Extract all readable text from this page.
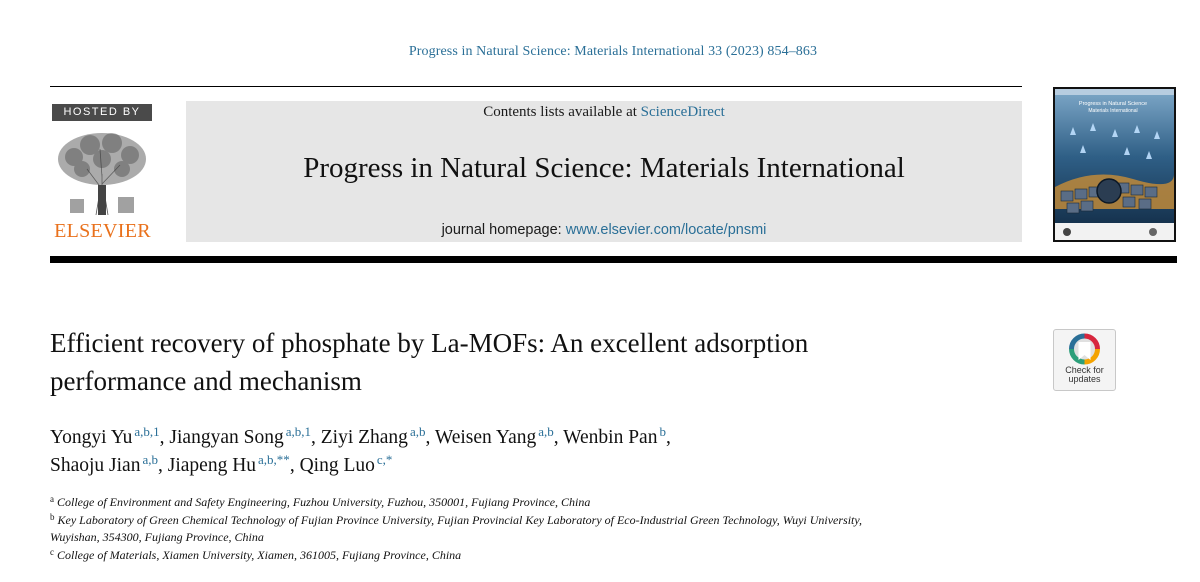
Progress in Natural Science: Materials International 33 (2023) 854–863
HOSTED BY
ELSEVIER
Contents lists available at ScienceDirect
Progress in Natural Science: Materials International
journal homepage: www.elsevier.com/locate/pnsmi
Progress in Natural Science
Materials International
Efficient recovery of phosphate by La-MOFs: An excellent adsorption
performance and mechanism	Check for
updates
Yongyi Yu $^{a,b,1}$, Jiangyan Song $^{a,b,1}$, Ziyi Zhang $^{a,b}$, Weisen Yang $^{a,b}$, Wenbin Pan $^b$,
Shaoju Jian $^{a,b}$, Jiapeng Hu $^{a,b,**}$, Qing Luo $^{c,*}$
$^a$ College of Environment and Safety Engineering, Fuzhou University, Fuzhou, 350001, Fujiang Province, China
$^b$ Key Laboratory of Green Chemical Technology of Fujian Province University, Fujian Provincial Key Laboratory of Eco-Industrial Green Technology, Wuyi University,
Wuyishan, 354300, Fujiang Province, China
$^c$ College of Materials, Xiamen University, Xiamen, 361005, Fujiang Province, China
